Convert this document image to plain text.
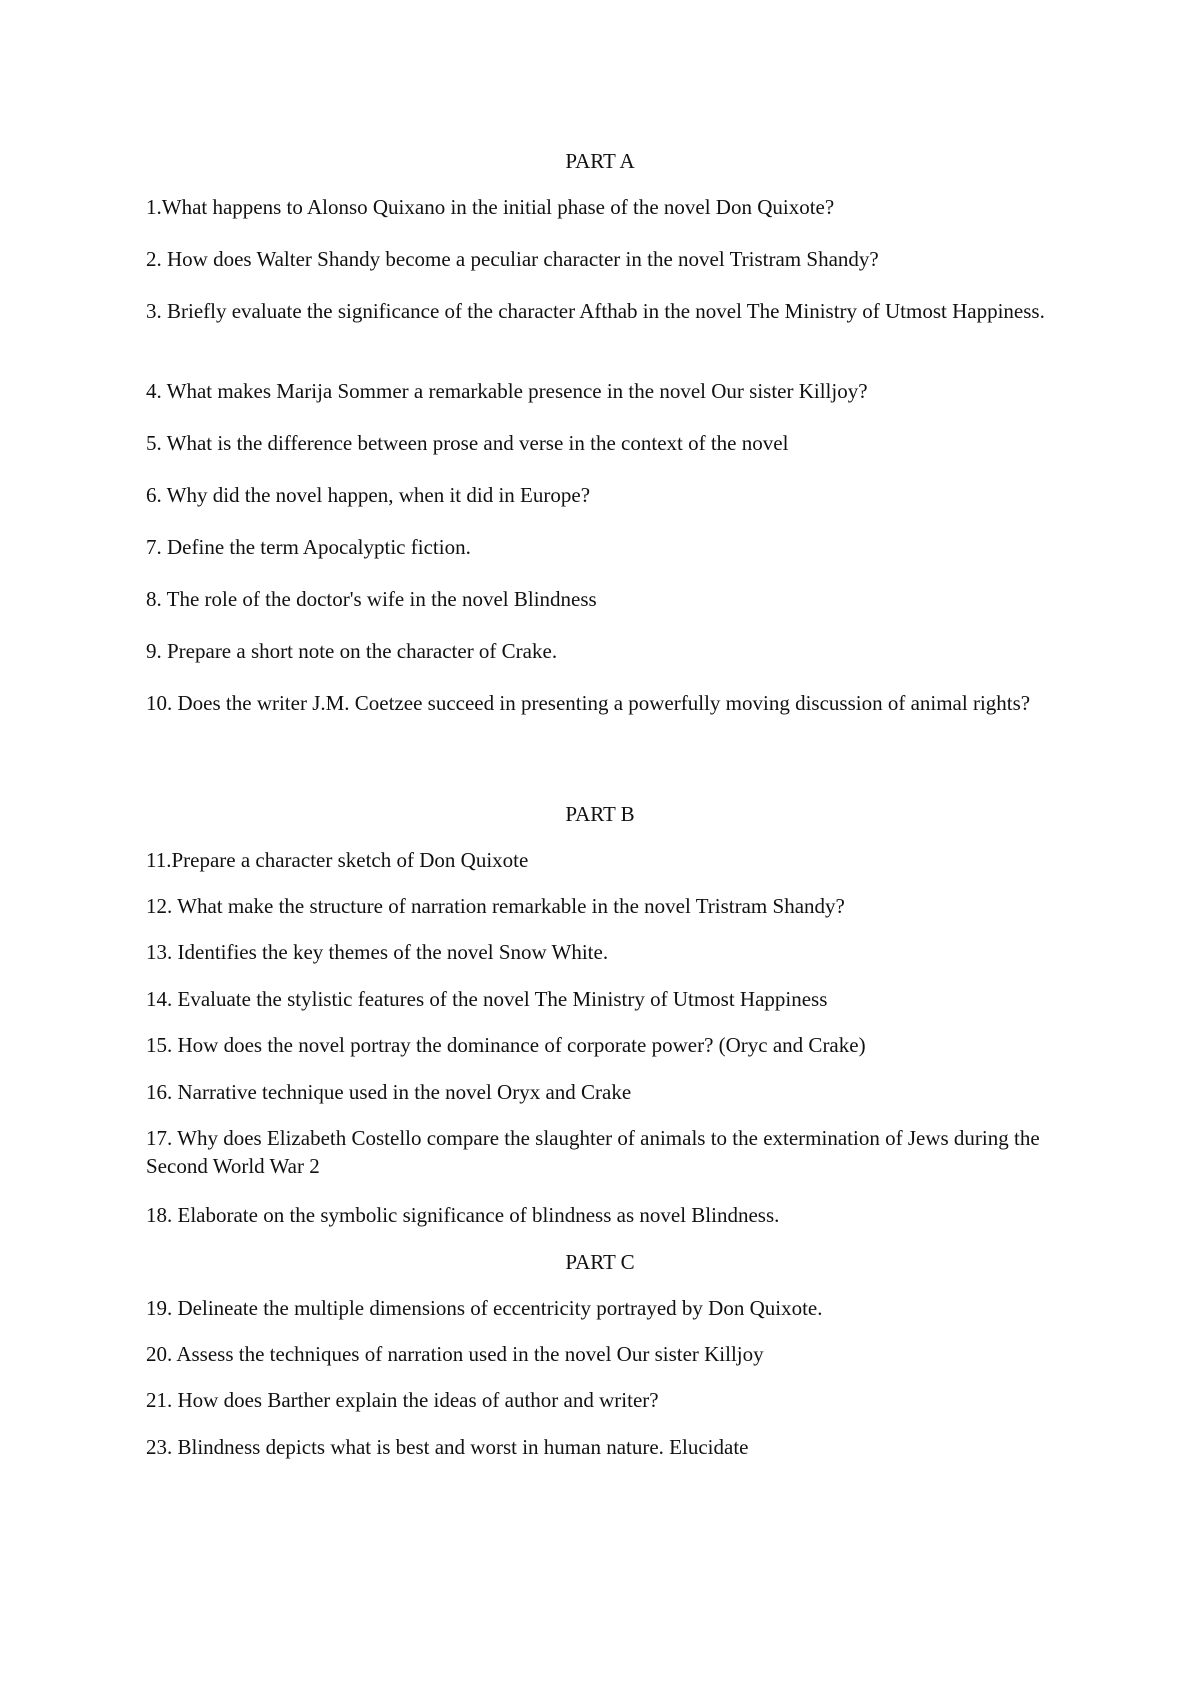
PART A

1.What happens to Alonso Quixano in the initial phase of the novel Don Quixote?

2. How does Walter Shandy become a peculiar character in the novel Tristram Shandy?

3. Briefly evaluate the significance of the character Afthab in the novel The Ministry of Utmost Happiness.

4. What makes Marija Sommer a remarkable presence in the novel Our sister Killjoy?

5. What is the difference between prose and verse in the context of the novel

6. Why did the novel happen, when it did in Europe?

7. Define the term Apocalyptic fiction.

8. The role of the doctor's wife in the novel Blindness

9. Prepare a short note on the character of Crake.

10. Does the writer J.M. Coetzee succeed in presenting a powerfully moving discussion of animal rights?

PART B

11.Prepare a character sketch of Don Quixote

12. What make the structure of narration remarkable in the novel Tristram Shandy?

13. Identifies the key themes of the novel Snow White.

14. Evaluate the stylistic features of the novel The Ministry of Utmost Happiness

15. How does the novel portray the dominance of corporate power? (Oryc and Crake)

16. Narrative technique used in the novel Oryx and Crake

17. Why does Elizabeth Costello compare the slaughter of animals to the extermination of Jews during the Second World War 2

18. Elaborate on the symbolic significance of blindness as novel Blindness.

PART C

19. Delineate the multiple dimensions of eccentricity portrayed by Don Quixote.

20. Assess the techniques of narration used in the novel Our sister Killjoy

21. How does Barther explain the ideas of author and writer?

23. Blindness depicts what is best and worst in human nature. Elucidate
